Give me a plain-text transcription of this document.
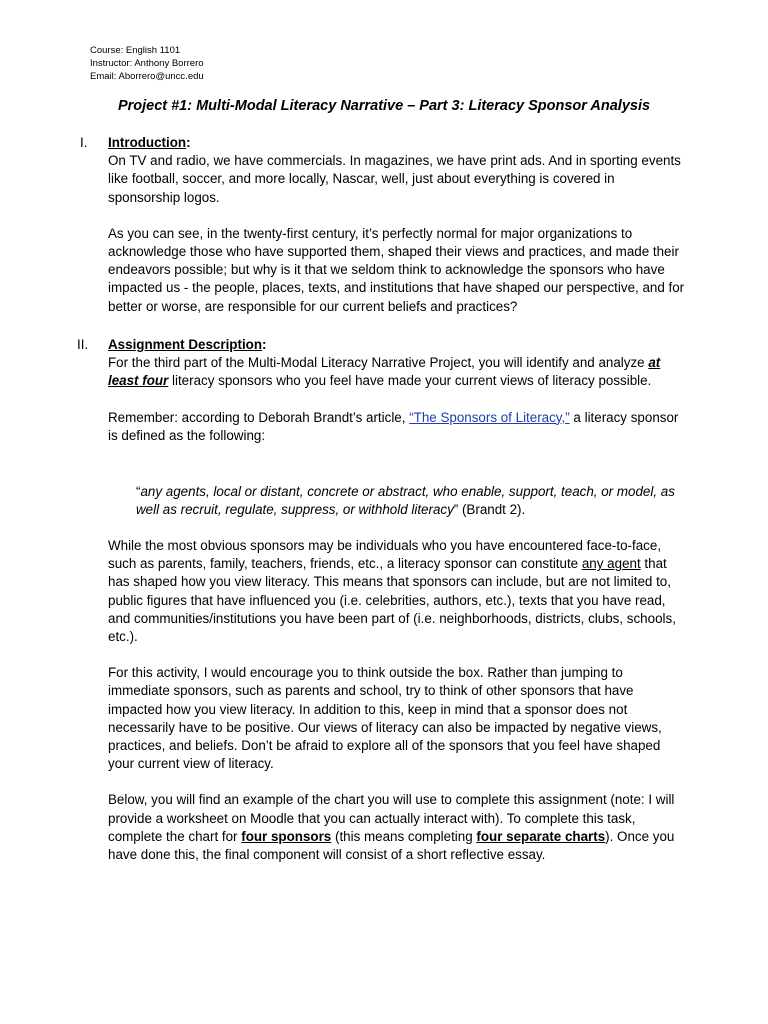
Course: English 1101
Instructor: Anthony Borrero
Email: Aborrero@uncc.edu
Project #1: Multi-Modal Literacy Narrative – Part 3: Literacy Sponsor Analysis
I. Introduction:

On TV and radio, we have commercials. In magazines, we have print ads. And in sporting events like football, soccer, and more locally, Nascar, well, just about everything is covered in sponsorship logos.

As you can see, in the twenty-first century, it’s perfectly normal for major organizations to acknowledge those who have supported them, shaped their views and practices, and made their endeavors possible; but why is it that we seldom think to acknowledge the sponsors who have impacted us - the people, places, texts, and institutions that have shaped our perspective, and for better or worse, are responsible for our current beliefs and practices?

II. Assignment Description:

For the third part of the Multi-Modal Literacy Narrative Project, you will identify and analyze at least four literacy sponsors who you feel have made your current views of literacy possible.

Remember: according to Deborah Brandt’s article, “The Sponsors of Literacy,” a literacy sponsor is defined as the following:

“any agents, local or distant, concrete or abstract, who enable, support, teach, or model, as well as recruit, regulate, suppress, or withhold literacy” (Brandt 2).

While the most obvious sponsors may be individuals who you have encountered face-to-face, such as parents, family, teachers, friends, etc., a literacy sponsor can constitute any agent that has shaped how you view literacy. This means that sponsors can include, but are not limited to, public figures that have influenced you (i.e. celebrities, authors, etc.), texts that you have read, and communities/institutions you have been part of (i.e. neighborhoods, districts, clubs, schools, etc.).

For this activity, I would encourage you to think outside the box. Rather than jumping to immediate sponsors, such as parents and school, try to think of other sponsors that have impacted how you view literacy. In addition to this, keep in mind that a sponsor does not necessarily have to be positive. Our views of literacy can also be impacted by negative views, practices, and beliefs. Don’t be afraid to explore all of the sponsors that you feel have shaped your current view of literacy.

Below, you will find an example of the chart you will use to complete this assignment (note: I will provide a worksheet on Moodle that you can actually interact with). To complete this task, complete the chart for four sponsors (this means completing four separate charts). Once you have done this, the final component will consist of a short reflective essay.
